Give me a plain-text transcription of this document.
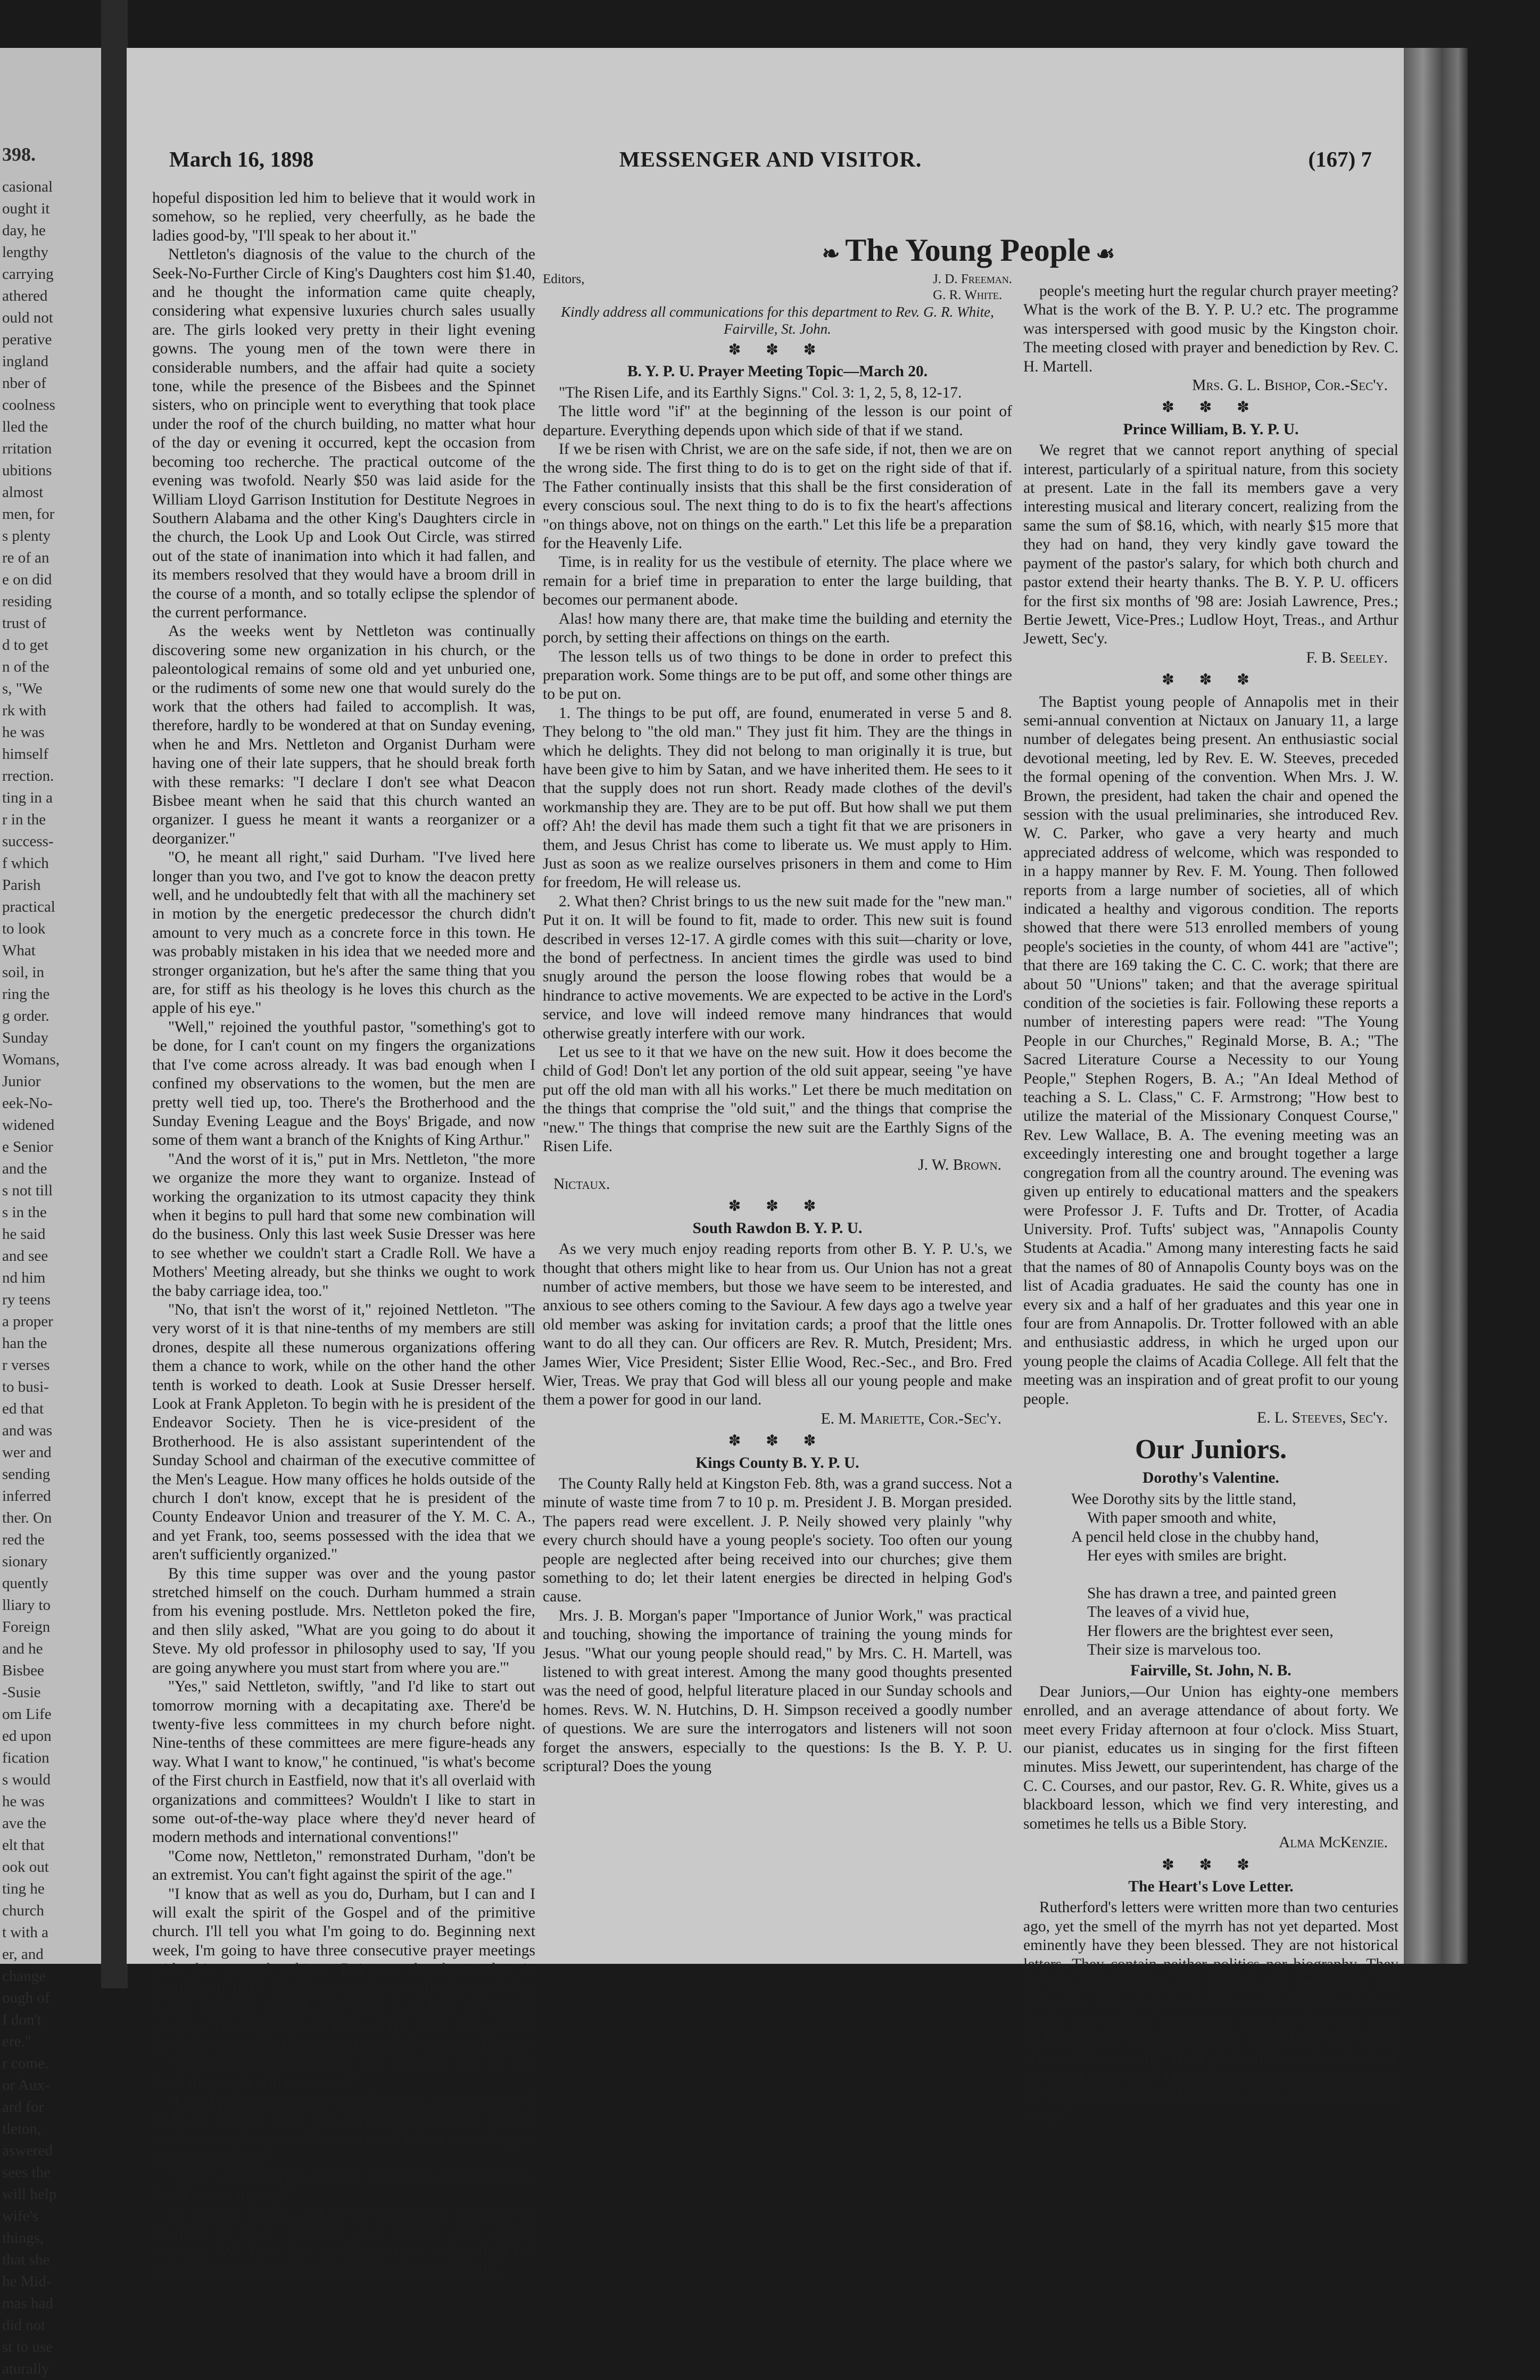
398.
casional
ought it
day, he
lengthy
carrying
athered
ould not
perative
ingland
nber of
coolness
lled the
rritation
ubitions
almost
men, for
s plenty
re of an
e on did
residing
trust of
d to get
n of the
s, "We
rk with
he was
himself
rrection.
ting in a
r in the
success-
f which
Parish
practical
to look
What
soil, in
ring the
g order.
Sunday
Womans,
Junior
eek-No-
widened
e Senior
and the
s not till
s in the
he said
and see
nd him
ry teens
a proper
han the
r verses
to busi-
ed that
and was
wer and
sending
inferred
ther. On
red the
sionary
quently
lliary to
Foreign
and he
Bisbee
-Susie
om Life
ed upon
fication
s would
he was
ave the
elt that
ook out
ting he
church
t with a
er, and
change
ough of
I don't
ere."
r come.
or Aux-
ard for
tleton,
aswered
sees the
will help
wife's
things,
that she
he Mid-
mas had
did not
st to use
aturally
March 16, 1898	MESSENGER AND VISITOR.	(167) 7
❧ The Young People ☙

hopeful disposition led him to believe that it would work in somehow, so he replied, very cheerfully, as he bade the ladies good-by, "I'll speak to her about it."

Nettleton's diagnosis of the value to the church of the Seek-No-Further Circle of King's Daughters cost him $1.40, and he thought the information came quite cheaply, considering what expensive luxuries church sales usually are. The girls looked very pretty in their light evening gowns. The young men of the town were there in considerable numbers, and the affair had quite a society tone, while the presence of the Bisbees and the Spinnet sisters, who on principle went to everything that took place under the roof of the church building, no matter what hour of the day or evening it occurred, kept the occasion from becoming too recherche. The practical outcome of the evening was twofold. Nearly $50 was laid aside for the William Lloyd Garrison Institution for Destitute Negroes in Southern Alabama and the other King's Daughters circle in the church, the Look Up and Look Out Circle, was stirred out of the state of inanimation into which it had fallen, and its members resolved that they would have a broom drill in the course of a month, and so totally eclipse the splendor of the current performance.

As the weeks went by Nettleton was continually discovering some new organization in his church, or the paleontological remains of some old and yet unburied one, or the rudiments of some new one that would surely do the work that the others had failed to accomplish. It was, therefore, hardly to be wondered at that on Sunday evening, when he and Mrs. Nettleton and Organist Durham were having one of their late suppers, that he should break forth with these remarks: "I declare I don't see what Deacon Bisbee meant when he said that this church wanted an organizer. I guess he meant it wants a reorganizer or a deorganizer."

"O, he meant all right," said Durham. "I've lived here longer than you two, and I've got to know the deacon pretty well, and he undoubtedly felt that with all the machinery set in motion by the energetic predecessor the church didn't amount to very much as a concrete force in this town. He was probably mistaken in his idea that we needed more and stronger organization, but he's after the same thing that you are, for stiff as his theology is he loves this church as the apple of his eye."

"Well," rejoined the youthful pastor, "something's got to be done, for I can't count on my fingers the organizations that I've come across already. It was bad enough when I confined my observations to the women, but the men are pretty well tied up, too. There's the Brotherhood and the Sunday Evening League and the Boys' Brigade, and now some of them want a branch of the Knights of King Arthur."

"And the worst of it is," put in Mrs. Nettleton, "the more we organize the more they want to organize. Instead of working the organization to its utmost capacity they think when it begins to pull hard that some new combination will do the business. Only this last week Susie Dresser was here to see whether we couldn't start a Cradle Roll. We have a Mothers' Meeting already, but she thinks we ought to work the baby carriage idea, too."

"No, that isn't the worst of it," rejoined Nettleton. "The very worst of it is that nine-tenths of my members are still drones, despite all these numerous organizations offering them a chance to work, while on the other hand the other tenth is worked to death. Look at Susie Dresser herself. Look at Frank Appleton. To begin with he is president of the Endeavor Society. Then he is vice-president of the Brotherhood. He is also assistant superintendent of the Sunday School and chairman of the executive committee of the Men's League. How many offices he holds outside of the church I don't know, except that he is president of the County Endeavor Union and treasurer of the Y. M. C. A., and yet Frank, too, seems possessed with the idea that we aren't sufficiently organized."

By this time supper was over and the young pastor stretched himself on the couch. Durham hummed a strain from his evening postlude. Mrs. Nettleton poked the fire, and then slily asked, "What are you going to do about it Steve. My old professor in philosophy used to say, 'If you are going anywhere you must start from where you are.'"

"Yes," said Nettleton, swiftly, "and I'd like to start out tomorrow morning with a decapitating axe. There'd be twenty-five less committees in my church before night. Nine-tenths of these committees are mere figure-heads any way. What I want to know," he continued, "is what's become of the First church in Eastfield, now that it's all overlaid with organizations and committees? Wouldn't I like to start in some out-of-the-way place where they'd never heard of modern methods and international conventions!"

"Come now, Nettleton," remonstrated Durham, "don't be an extremist. You can't fight against the spirit of the age."

"I know that as well as you do, Durham, but I can and I will exalt the spirit of the Gospel and of the primitive church. I'll tell you what I'm going to do. Beginning next week, I'm going to have three consecutive prayer meetings with this general subject. Being a church member in Eastfield in 1897. The first evening we will take up—What Is the Christian Church and What Is It For? the second evening, The Christian's Culture of His Inner Life, and on the last evening The Christian's Individual Work for Christ."

"Good enough programme," said Durham, "but do you think the people will come out?"

"I shall plead with them," said Nettleton, with intensity. "I shall ask them to come as a personal favor to me, for my soul is wrought up on this matter and I have something to say to my people."

"Well," said Durham and Mrs. Nettleton, simultaneously, "we'll come, anyway."

So did the people, and in my fifty years' residence in Eastfield I never attended such solemn and stirring meetings. We have less machinery now in Eastfield but considerably more spiritual power.—Congregationalist.

Editors,	J. D. Freeman.
G. R. White.
Kindly address all communications for this department to Rev. G. R. White, Fairville, St. John.
✽ ✽ ✽
B. Y. P. U. Prayer Meeting Topic—March 20.

"The Risen Life, and its Earthly Signs." Col. 3: 1, 2, 5, 8, 12-17.

The little word "if" at the beginning of the lesson is our point of departure. Everything depends upon which side of that if we stand.

If we be risen with Christ, we are on the safe side, if not, then we are on the wrong side. The first thing to do is to get on the right side of that if. The Father continually insists that this shall be the first consideration of every conscious soul. The next thing to do is to fix the heart's affections "on things above, not on things on the earth." Let this life be a preparation for the Heavenly Life.

Time, is in reality for us the vestibule of eternity. The place where we remain for a brief time in preparation to enter the large building, that becomes our permanent abode.

Alas! how many there are, that make time the building and eternity the porch, by setting their affections on things on the earth.

The lesson tells us of two things to be done in order to prefect this preparation work. Some things are to be put off, and some other things are to be put on.

1. The things to be put off, are found, enumerated in verse 5 and 8. They belong to "the old man." They just fit him. They are the things in which he delights. They did not belong to man originally it is true, but have been give to him by Satan, and we have inherited them. He sees to it that the supply does not run short. Ready made clothes of the devil's workmanship they are. They are to be put off. But how shall we put them off? Ah! the devil has made them such a tight fit that we are prisoners in them, and Jesus Christ has come to liberate us. We must apply to Him. Just as soon as we realize ourselves prisoners in them and come to Him for freedom, He will release us.

2. What then? Christ brings to us the new suit made for the "new man." Put it on. It will be found to fit, made to order. This new suit is found described in verses 12-17. A girdle comes with this suit—charity or love, the bond of perfectness. In ancient times the girdle was used to bind snugly around the person the loose flowing robes that would be a hindrance to active movements. We are expected to be active in the Lord's service, and love will indeed remove many hindrances that would otherwise greatly interfere with our work.

Let us see to it that we have on the new suit. How it does become the child of God! Don't let any portion of the old suit appear, seeing "ye have put off the old man with all his works." Let there be much meditation on the things that comprise the "old suit," and the things that comprise the "new." The things that comprise the new suit are the Earthly Signs of the Risen Life.

J. W. Brown.
Nictaux.
✽ ✽ ✽
South Rawdon B. Y. P. U.

As we very much enjoy reading reports from other B. Y. P. U.'s, we thought that others might like to hear from us. Our Union has not a great number of active members, but those we have seem to be interested, and anxious to see others coming to the Saviour. A few days ago a twelve year old member was asking for invitation cards; a proof that the little ones want to do all they can. Our officers are Rev. R. Mutch, President; Mrs. James Wier, Vice President; Sister Ellie Wood, Rec.-Sec., and Bro. Fred Wier, Treas. We pray that God will bless all our young people and make them a power for good in our land.

E. M. Mariette, Cor.-Sec'y.
✽ ✽ ✽
Kings County B. Y. P. U.

The County Rally held at Kingston Feb. 8th, was a grand success. Not a minute of waste time from 7 to 10 p. m. President J. B. Morgan presided. The papers read were excellent. J. P. Neily showed very plainly "why every church should have a young people's society. Too often our young people are neglected after being received into our churches; give them something to do; let their latent energies be directed in helping God's cause.

Mrs. J. B. Morgan's paper "Importance of Junior Work," was practical and touching, showing the importance of training the young minds for Jesus. "What our young people should read," by Mrs. C. H. Martell, was listened to with great interest. Among the many good thoughts presented was the need of good, helpful literature placed in our Sunday schools and homes. Revs. W. N. Hutchins, D. H. Simpson received a goodly number of questions. We are sure the interrogators and listeners will not soon forget the answers, especially to the questions: Is the B. Y. P. U. scriptural? Does the young

people's meeting hurt the regular church prayer meeting? What is the work of the B. Y. P. U.? etc. The programme was interspersed with good music by the Kingston choir. The meeting closed with prayer and benediction by Rev. C. H. Martell.

Mrs. G. L. Bishop, Cor.-Sec'y.
✽ ✽ ✽
Prince William, B. Y. P. U.

We regret that we cannot report anything of special interest, particularly of a spiritual nature, from this society at present. Late in the fall its members gave a very interesting musical and literary concert, realizing from the same the sum of $8.16, which, with nearly $15 more that they had on hand, they very kindly gave toward the payment of the pastor's salary, for which both church and pastor extend their hearty thanks. The B. Y. P. U. officers for the first six months of '98 are: Josiah Lawrence, Pres.; Bertie Jewett, Vice-Pres.; Ludlow Hoyt, Treas., and Arthur Jewett, Sec'y.

F. B. Seeley.
✽ ✽ ✽

The Baptist young people of Annapolis met in their semi-annual convention at Nictaux on January 11, a large number of delegates being present. An enthusiastic social devotional meeting, led by Rev. E. W. Steeves, preceded the formal opening of the convention. When Mrs. J. W. Brown, the president, had taken the chair and opened the session with the usual preliminaries, she introduced Rev. W. C. Parker, who gave a very hearty and much appreciated address of welcome, which was responded to in a happy manner by Rev. F. M. Young. Then followed reports from a large number of societies, all of which indicated a healthy and vigorous condition. The reports showed that there were 513 enrolled members of young people's societies in the county, of whom 441 are "active"; that there are 169 taking the C. C. C. work; that there are about 50 "Unions" taken; and that the average spiritual condition of the societies is fair. Following these reports a number of interesting papers were read: "The Young People in our Churches," Reginald Morse, B. A.; "The Sacred Literature Course a Necessity to our Young People," Stephen Rogers, B. A.; "An Ideal Method of teaching a S. L. Class," C. F. Armstrong; "How best to utilize the material of the Missionary Conquest Course," Rev. Lew Wallace, B. A. The evening meeting was an exceedingly interesting one and brought together a large congregation from all the country around. The evening was given up entirely to educational matters and the speakers were Professor J. F. Tufts and Dr. Trotter, of Acadia University. Prof. Tufts' subject was, "Annapolis County Students at Acadia." Among many interesting facts he said that the names of 80 of Annapolis County boys was on the list of Acadia graduates. He said the county has one in every six and a half of her graduates and this year one in four are from Annapolis. Dr. Trotter followed with an able and enthusiastic address, in which he urged upon our young people the claims of Acadia College. All felt that the meeting was an inspiration and of great profit to our young people.

E. L. Steeves, Sec'y.
Our Juniors.
Dorothy's Valentine.
Wee Dorothy sits by the little stand,
With paper smooth and white,
A pencil held close in the chubby hand,
Her eyes with smiles are bright.

She has drawn a tree, and painted green
The leaves of a vivid hue,
Her flowers are the brightest ever seen,
Their size is marvelous too.
Fairville, St. John, N. B.

Dear Juniors,—Our Union has eighty-one members enrolled, and an average attendance of about forty. We meet every Friday afternoon at four o'clock. Miss Stuart, our pianist, educates us in singing for the first fifteen minutes. Miss Jewett, our superintendent, has charge of the C. C. Courses, and our pastor, Rev. G. R. White, gives us a blackboard lesson, which we find very interesting, and sometimes he tells us a Bible Story.

Alma McKenzie.
✽ ✽ ✽
The Heart's Love Letter.

Rutherford's letters were written more than two centuries ago, yet the smell of the myrrh has not yet departed. Most eminently have they been blessed. They are not historical letters. They contain neither politics nor biography. They are not argumentative, like Pascal's, nor descriptive, like Walpole's. They are pure devotion, a Christian heart's love letters, the outflow of a sweet fountain that sent forth healing waters. Cecil used to call Rutherford, "one of his classics." Baxter said, "Hold off the Bible, and such a book the world never saw." One of his golden sentences gives us the secret of his unusual unction—"The cross gives much to say."
